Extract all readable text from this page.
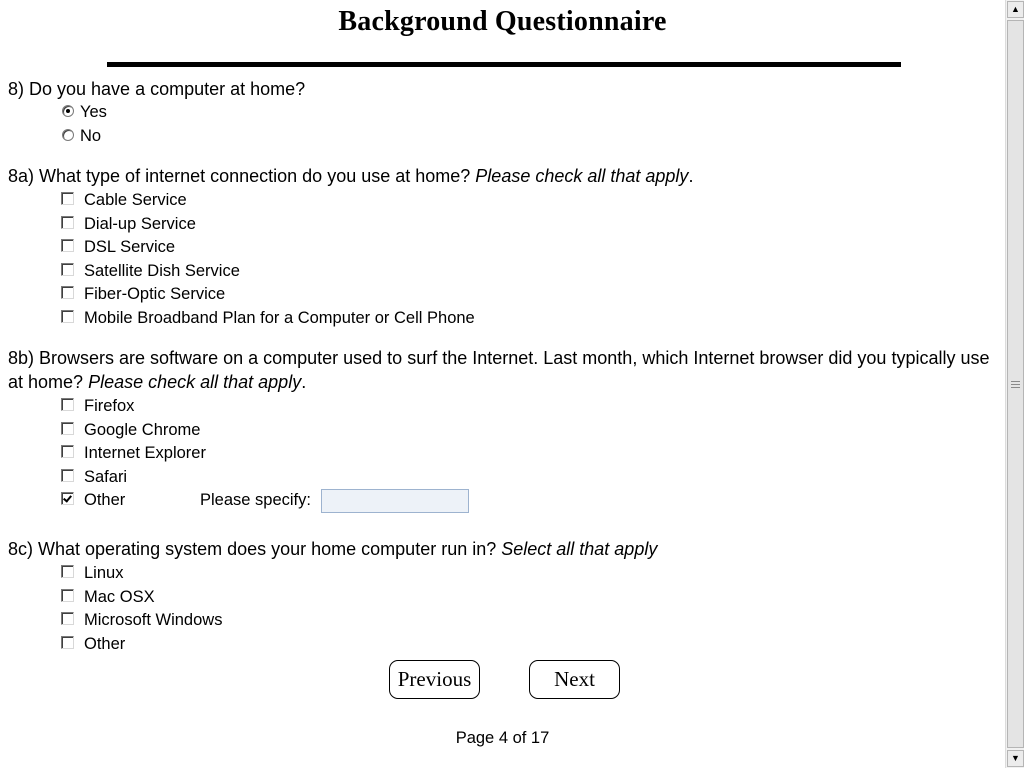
Background Questionnaire
8) Do you have a computer at home?
Yes
No
8a) What type of internet connection do you use at home? Please check all that apply.
Cable Service
Dial-up Service
DSL Service
Satellite Dish Service
Fiber-Optic Service
Mobile Broadband Plan for a Computer or Cell Phone
8b) Browsers are software on a computer used to surf the Internet. Last month, which Internet browser did you typically use at home? Please check all that apply.
Firefox
Google Chrome
Internet Explorer
Safari
Other	Please specify:
8c) What operating system does your home computer run in? Select all that apply
Linux
Mac OSX
Microsoft Windows
Other
Previous	Next
Page 4 of 17
▲
▼
